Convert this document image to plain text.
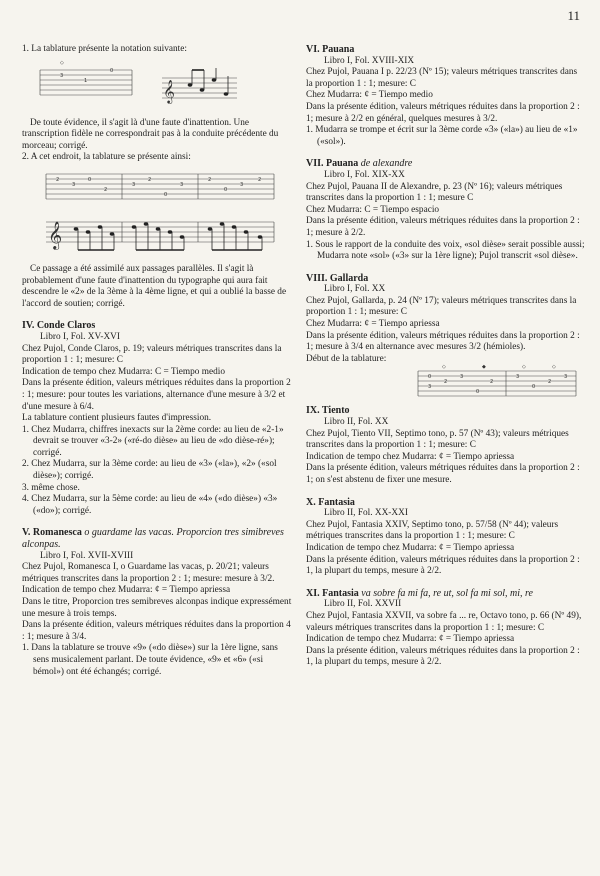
11

1. La tablature présente la notation suivante:

◇
3
1
0
𝄞

De toute évidence, il s'agit là d'une faute d'inattention. Une transcription fidèle ne correspondrait pas à la conduite précédente du morceau; corrigé.

2. A cet endroit, la tablature se présente ainsi:

2
3
0
2
3
2
0
3
2
0
3
2
𝄞

Ce passage a été assimilé aux passages parallèles. Il s'agit là probablement d'une faute d'inattention du typographe qui aura fait descendre le «2» de la 3ème à la 4ème ligne, et qui a oublié la basse de l'accord de soutien; corrigé.

IV. Conde Claros

Libro I, Fol. XV-XVI

Chez Pujol, Conde Claros, p. 19; valeurs métriques transcrites dans la proportion 1 : 1; mesure: C

Indication de tempo chez Mudarra: C = Tiempo medio

Dans la présente édition, valeurs métriques réduites dans la proportion 2 : 1; mesure: pour toutes les variations, alternance d'une mesure à 3/2 et d'une mesure à 6/4.

La tablature contient plusieurs fautes d'impression.

1. Chez Mudarra, chiffres inexacts sur la 2ème corde: au lieu de «2-1» devrait se trouver «3-2» («ré-do dièse» au lieu de «do dièse-ré»); corrigé.

2. Chez Mudarra, sur la 3ème corde: au lieu de «3» («la»), «2» («sol dièse»); corrigé.

3. même chose.

4. Chez Mudarra, sur la 5ème corde: au lieu de «4» («do dièse») «3» («do»); corrigé.

V. Romanesca o guardame las vacas. Proporcion tres simibreves alconpas.

Libro I, Fol. XVII-XVIII

Chez Pujol, Romanesca I, o Guardame las vacas, p. 20/21; valeurs métriques transcrites dans la proportion 2 : 1; mesure: mesure à 3/2.

Indication de tempo chez Mudarra: ¢ = Tiempo apriessa

Dans le titre, Proporcion tres semibreves alconpas indique expressément une mesure à trois temps.

Dans la présente édition, valeurs métriques réduites dans la proportion 4 : 1; mesure à 3/4.

1. Dans la tablature se trouve «9» («do dièse») sur la 1ère ligne, sans sens musicalement parlant. De toute évidence, «9» et «6» («si bémol») ont été échangés; corrigé.

VI. Pauana

Libro I, Fol. XVIII-XIX

Chez Pujol, Pauana I p. 22/23 (Nº 15); valeurs métriques transcrites dans la proportion 1 : 1; mesure: C

Chez Mudarra: ¢ = Tiempo medio

Dans la présente édition, valeurs métriques réduites dans la proportion 2 : 1; mesure à 2/2 en général, quelques mesures à 3/2.

1. Mudarra se trompe et écrit sur la 3ème corde «3» («la») au lieu de «1» («sol»).

VII. Pauana de alexandre

Libro I, Fol. XIX-XX

Chez Pujol, Pauana II de Alexandre, p. 23 (Nº 16); valeurs métriques transcrites dans la proportion 1 : 1; mesure C

Chez Mudarra: C = Tiempo espacio

Dans la présente édition, valeurs métriques réduites dans la proportion 2 : 1; mesure à 2/2.

1. Sous le rapport de la conduite des voix, «sol dièse» serait possible aussi; Mudarra note «sol» («3» sur la 1ère ligne); Pujol transcrit «sol dièse».

VIII. Gallarda

Libro I, Fol. XX

Chez Pujol, Gallarda, p. 24 (Nº 17); valeurs métriques transcrites dans la proportion 1 : 1; mesure: C

Chez Mudarra: ¢ = Tiempo apriessa

Dans la présente édition, valeurs métriques réduites dans la proportion 2 : 1; mesure à 3/4 en alternance avec mesures 3/2 (hémioles).

Début de la tablature:

◇	◆	◇	◇
0
3
2
3
0
2
3
0
2
3

IX. Tiento

Libro II, Fol. XX

Chez Pujol, Tiento VII, Septimo tono, p. 57 (Nº 43); valeurs métriques transcrites dans la proportion 1 : 1; mesure: C

Indication de tempo chez Mudarra: ¢ = Tiempo apriessa

Dans la présente édition, valeurs métriques réduites dans la proportion 2 : 1; on s'est abstenu de fixer une mesure.

X. Fantasia

Libro II, Fol. XX-XXI

Chez Pujol, Fantasia XXIV, Septimo tono, p. 57/58 (Nº 44); valeurs métriques transcrites dans la proportion 1 : 1; mesure: C

Indication de tempo chez Mudarra: ¢ = Tiempo apriessa

Dans la présente édition, valeurs métriques réduites dans la proportion 2 : 1, la plupart du temps, mesure à 2/2.

XI. Fantasia va sobre fa mi fa, re ut, sol fa mi sol, mi, re

Libro II, Fol. XXVII

Chez Pujol, Fantasia XXVII, va sobre fa ... re, Octavo tono, p. 66 (Nº 49), valeurs métriques transcrites dans la proportion 1 : 1; mesure: C

Indication de tempo chez Mudarra: ¢ = Tiempo apriessa

Dans la présente édition, valeurs métriques réduites dans la proportion 2 : 1, la plupart du temps, mesure à 2/2.
